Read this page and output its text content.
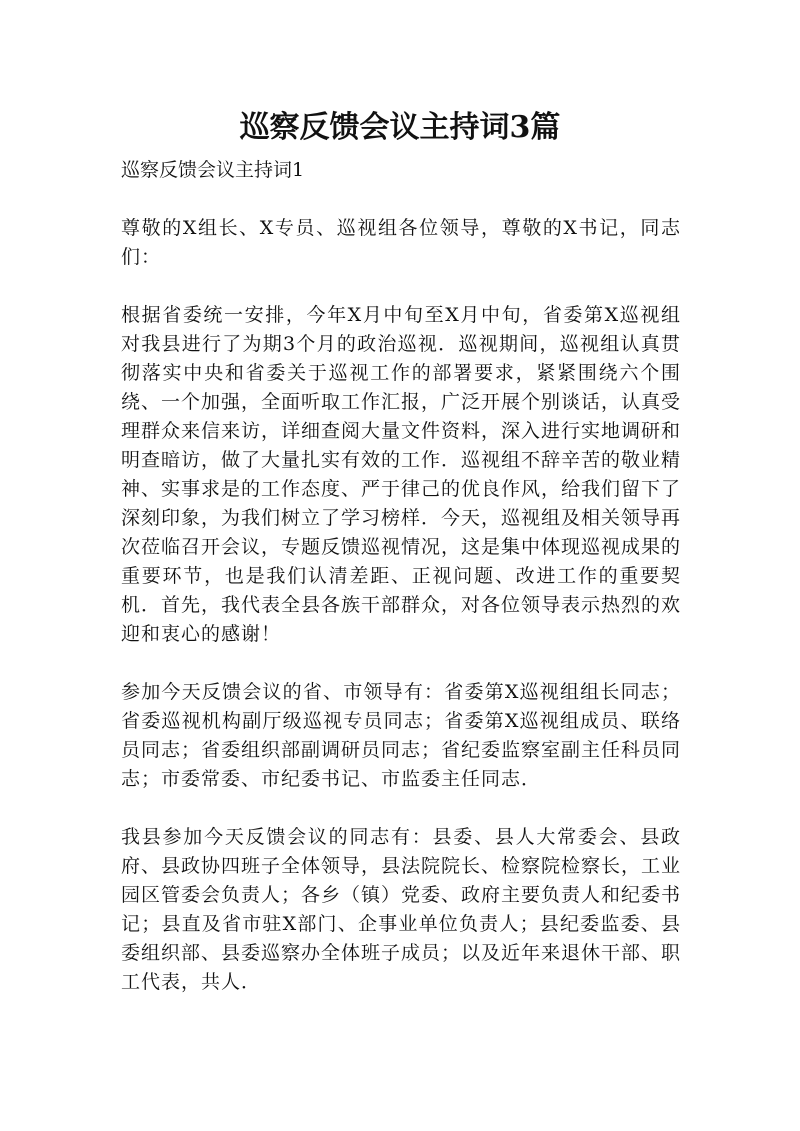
巡察反馈会议主持词3篇

巡察反馈会议主持词1

尊敬的X组长、X专员、巡视组各位领导，尊敬的X书记，同志们：

根据省委统一安排，今年X月中旬至X月中旬，省委第X巡视组对我县进行了为期3个月的政治巡视．巡视期间，巡视组认真贯彻落实中央和省委关于巡视工作的部署要求，紧紧围绕六个围绕、一个加强，全面听取工作汇报，广泛开展个别谈话，认真受理群众来信来访，详细查阅大量文件资料，深入进行实地调研和明查暗访，做了大量扎实有效的工作．巡视组不辞辛苦的敬业精神、实事求是的工作态度、严于律己的优良作风，给我们留下了深刻印象，为我们树立了学习榜样．今天，巡视组及相关领导再次莅临召开会议，专题反馈巡视情况，这是集中体现巡视成果的重要环节，也是我们认清差距、正视问题、改进工作的重要契机．首先，我代表全县各族干部群众，对各位领导表示热烈的欢迎和衷心的感谢！

参加今天反馈会议的省、市领导有：省委第X巡视组组长同志；省委巡视机构副厅级巡视专员同志；省委第X巡视组成员、联络员同志；省委组织部副调研员同志；省纪委监察室副主任科员同志；市委常委、市纪委书记、市监委主任同志．

我县参加今天反馈会议的同志有：县委、县人大常委会、县政府、县政协四班子全体领导，县法院院长、检察院检察长，工业园区管委会负责人；各乡（镇）党委、政府主要负责人和纪委书记；县直及省市驻X部门、企事业单位负责人；县纪委监委、县委组织部、县委巡察办全体班子成员；以及近年来退休干部、职工代表，共人．
